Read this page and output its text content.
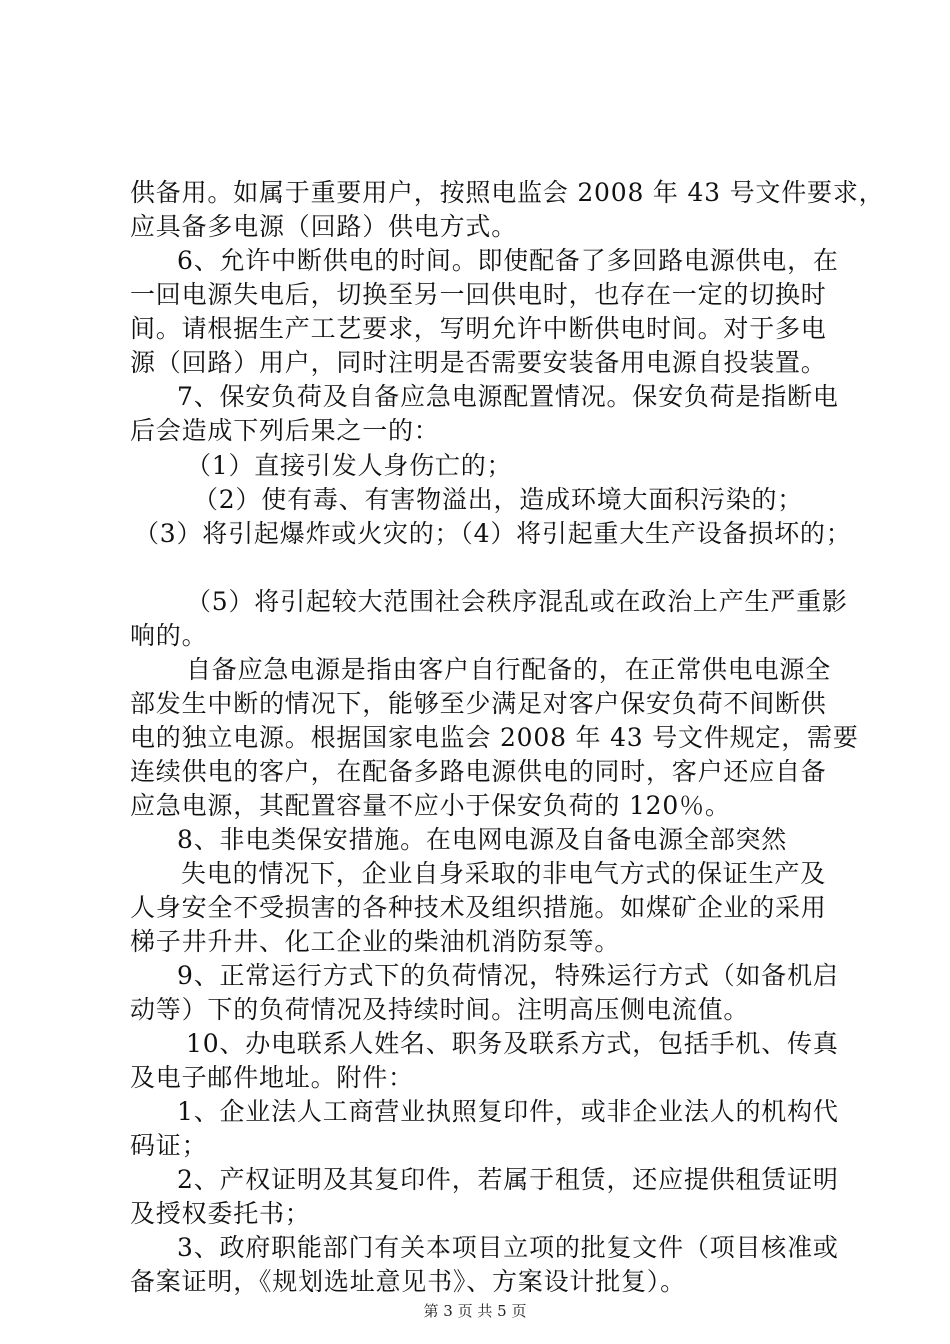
供备用。如属于重要用户，按照电监会 2008 年 43 号文件要求，
应具备多电源（回路）供电方式。
6、允许中断供电的时间。即使配备了多回路电源供电，在
一回电源失电后，切换至另一回供电时，也存在一定的切换时
间。请根据生产工艺要求，写明允许中断供电时间。对于多电
源（回路）用户，同时注明是否需要安装备用电源自投装置。
7、保安负荷及自备应急电源配置情况。保安负荷是指断电
后会造成下列后果之一的：
（1）直接引发人身伤亡的；
（2）使有毒、有害物溢出，造成环境大面积污染的；
（3）将引起爆炸或火灾的；（4）将引起重大生产设备损坏的；
（5）将引起较大范围社会秩序混乱或在政治上产生严重影
响的。
自备应急电源是指由客户自行配备的，在正常供电电源全
部发生中断的情况下，能够至少满足对客户保安负荷不间断供
电的独立电源。根据国家电监会 2008 年 43 号文件规定，需要
连续供电的客户，在配备多路电源供电的同时，客户还应自备
应急电源，其配置容量不应小于保安负荷的 120％。
8、非电类保安措施。在电网电源及自备电源全部突然
失电的情况下，企业自身采取的非电气方式的保证生产及
人身安全不受损害的各种技术及组织措施。如煤矿企业的采用
梯子井升井、化工企业的柴油机消防泵等。
9、正常运行方式下的负荷情况，特殊运行方式（如备机启
动等）下的负荷情况及持续时间。注明高压侧电流值。
10、办电联系人姓名、职务及联系方式，包括手机、传真
及电子邮件地址。附件：
1、企业法人工商营业执照复印件，或非企业法人的机构代
码证；
2、产权证明及其复印件，若属于租赁，还应提供租赁证明
及授权委托书；
3、政府职能部门有关本项目立项的批复文件（项目核准或
备案证明，《规划选址意见书》、方案设计批复）。
第 3 页 共 5 页
